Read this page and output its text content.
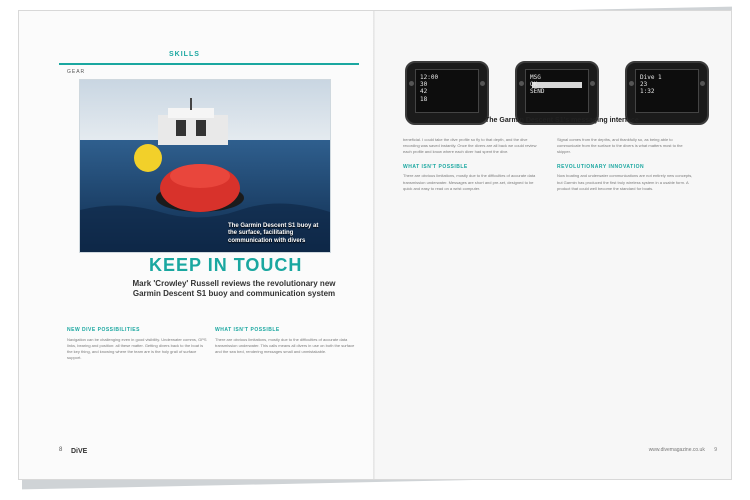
SKILLS
GEAR
The Garmin Descent S1 buoy at the surface, facilitating communication with divers
KEEP IN TOUCH
Mark 'Crowley' Russell reviews the revolutionary new Garmin Descent S1 buoy and communication system
NEW DIVE POSSIBILITIES
Navigation can be challenging even in good visibility. Underwater comms, GPS links, bearing and position: all these matter. Getting divers back to the boat is the key thing, and knowing where the team are is the holy grail of surface support.
WHAT ISN'T POSSIBLE
There are obvious limitations, mostly due to the difficulties of accurate data transmission underwater. This calls means all divers in use on both the surface and the sea bed, rendering messages small and unmistakable.
8 DiVE
12:00
30
42
18
MSG
OK
SEND
Dive 1
23
1:32
The Garmin Descent S1's messaging interface
beneficial. I could take the dive profile so fly to that depth, and the dive recording was saved instantly. Once the divers are all back we could review each profile and know where each diver had spent the dive.
WHAT ISN'T POSSIBLE
There are obvious limitations, mostly due to the difficulties of accurate data transmission underwater. Messages are short and pre-set, designed to be quick and easy to read on a wrist computer.
Signal comes from the depths, and thankfully so, as being able to communicate from the surface to the divers is what matters most to the skipper.
REVOLUTIONARY INNOVATION
Now boating and underwater communications are not entirely new concepts, but Garmin has produced the first truly wireless system in a usable form. A product that could well become the standard for boats.
www.divemagazine.co.uk 9
